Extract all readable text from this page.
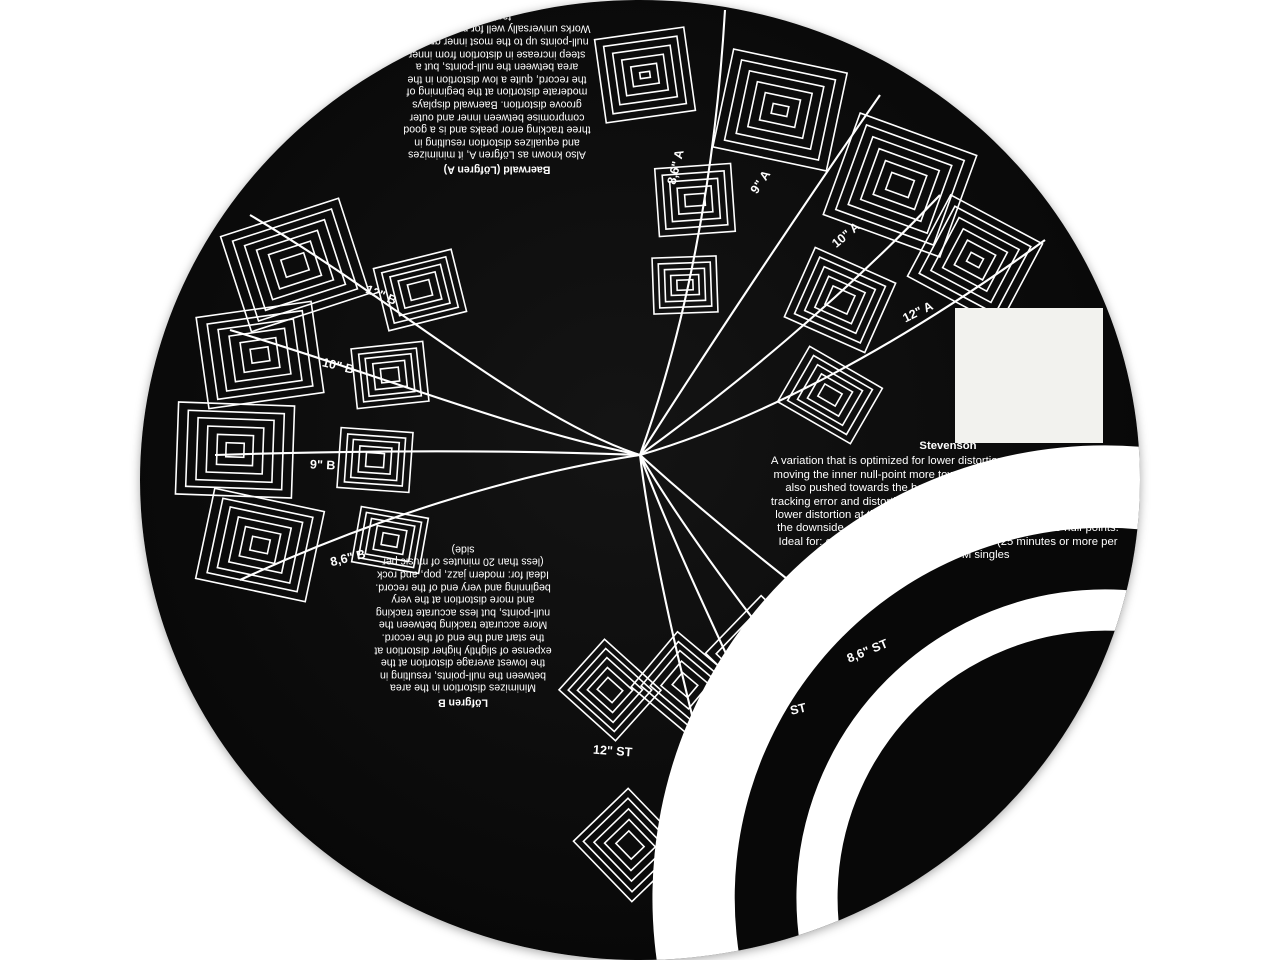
8,6" A	9" A
10" A
12" A
12" B
10" B
9" B
8,6" B
8,6" ST
9" ST
10" ST
12" ST
Stevenson
A variation that is optimized for lower distortion at the inner grooves, by moving the inner null-point more towards the inside. The outer point is also pushed towards the beginning of the record, resulting in less tracking error and distortion at the very beginning of the record. Overall lower distortion at the very beginning and very end of the record, with the downside of higher distortion in the area between the null-points. Ideal for: classical music, very long records (25 minutes or more per side), or 45 RPM singles
Baerwald (Löfgren A)
Also known as Löfgren A, it minimizes and equalizes distortion resulting in three tracking error peaks and is a good compromise between inner and outer groove distortion. Baerwald displays moderate distortion at the beginning of the record, quite a low distortion in the area between the null-points, but a steep increase in distortion from inner null-points up to the most inner groove. Works universally well for many musical tastes
Löfgren B
Minimizes distortion in the area between the null-points, resulting in the lowest average distortion at the expense of slightly higher distortion at the start and the end of the record. More accurate tracking between the null-points, but less accurate tracking and more distortion at the very beginning and very end of the record. Ideal for: modern jazz, pop, and rock (less than 20 minutes of music per side)
